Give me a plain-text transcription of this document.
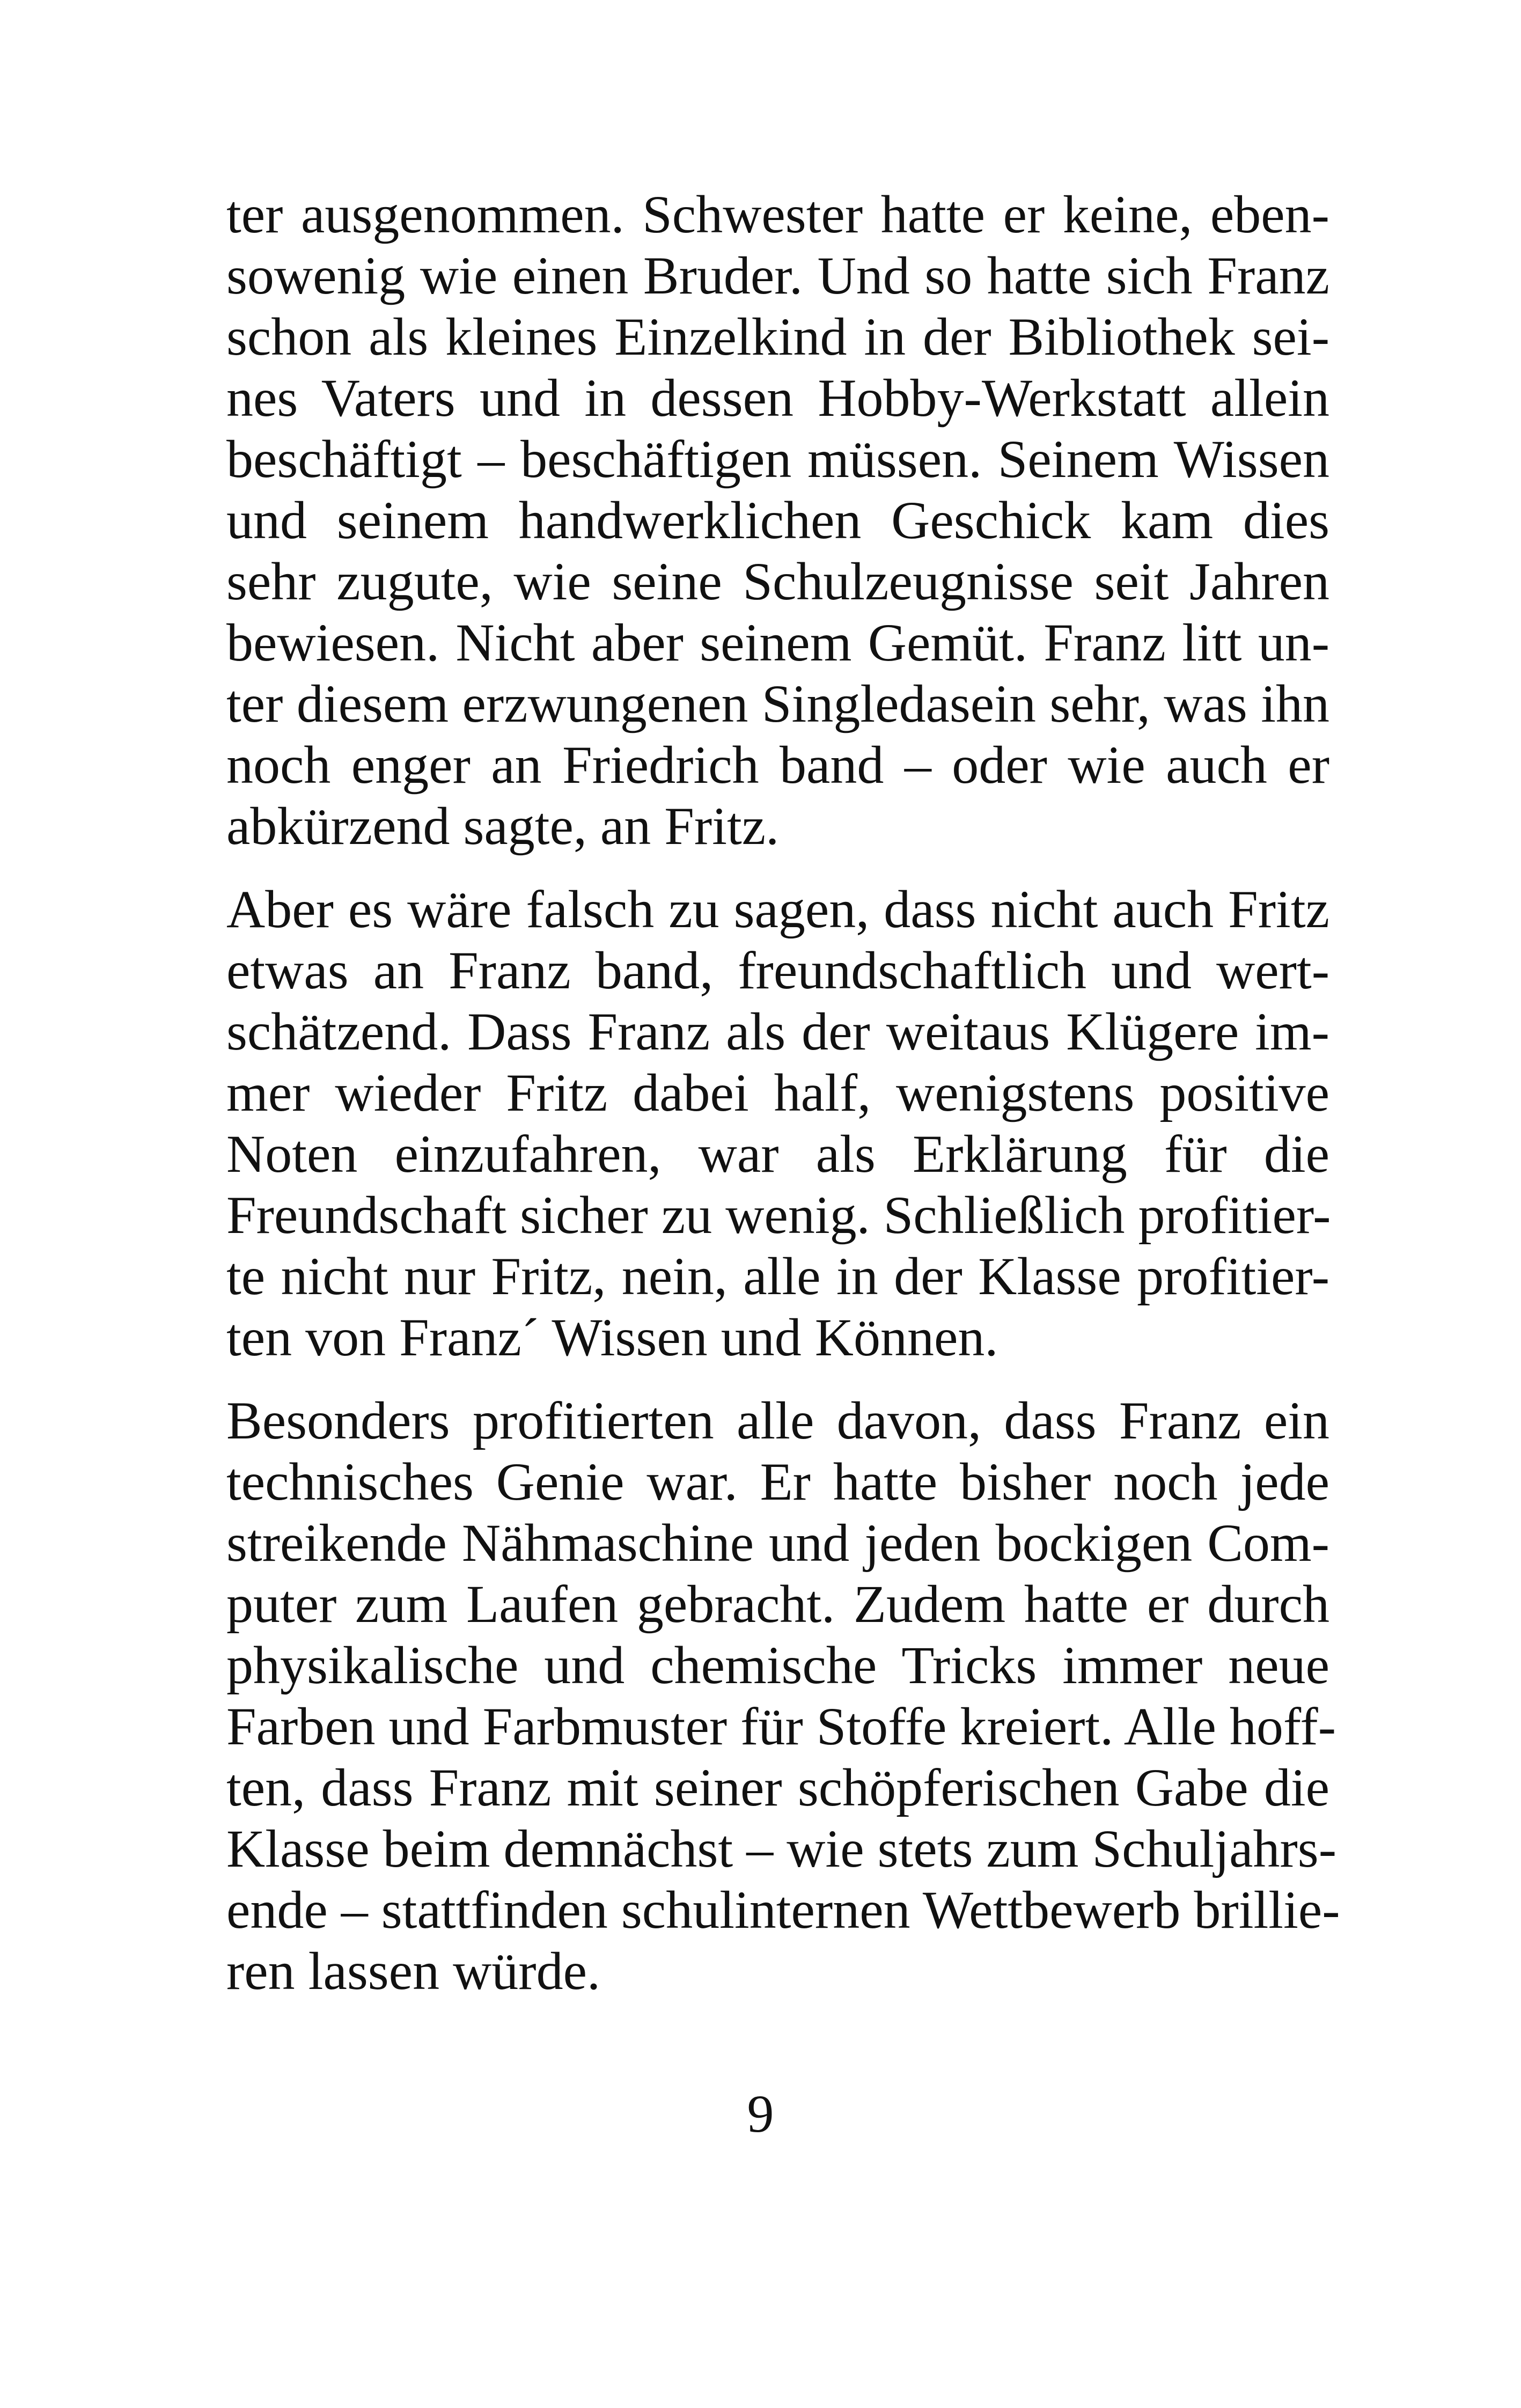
ter ausgenommen. Schwester hatte er keine, eben-
sowenig wie einen Bruder. Und so hatte sich Franz
schon als kleines Einzelkind in der Bibliothek sei-
nes Vaters und in dessen Hobby-Werkstatt allein
beschäftigt – beschäftigen müssen. Seinem Wissen
und seinem handwerklichen Geschick kam dies
sehr zugute, wie seine Schulzeugnisse seit Jahren
bewiesen. Nicht aber seinem Gemüt. Franz litt un-
ter diesem erzwungenen Singledasein sehr, was ihn
noch enger an Friedrich band – oder wie auch er
abkürzend sagte, an Fritz.

Aber es wäre falsch zu sagen, dass nicht auch Fritz
etwas an Franz band, freundschaftlich und wert-
schätzend. Dass Franz als der weitaus Klügere im-
mer wieder Fritz dabei half, wenigstens positive
Noten einzufahren, war als Erklärung für die
Freundschaft sicher zu wenig. Schließlich profitier-
te nicht nur Fritz, nein, alle in der Klasse profitier-
ten von Franz´ Wissen und Können.

Besonders profitierten alle davon, dass Franz ein
technisches Genie war. Er hatte bisher noch jede
streikende Nähmaschine und jeden bockigen Com-
puter zum Laufen gebracht. Zudem hatte er durch
physikalische und chemische Tricks immer neue
Farben und Farbmuster für Stoffe kreiert. Alle hoff-
ten, dass Franz mit seiner schöpferischen Gabe die
Klasse beim demnächst – wie stets zum Schuljahrs-
ende – stattfinden schulinternen Wettbewerb brillie-
ren lassen würde.

9
